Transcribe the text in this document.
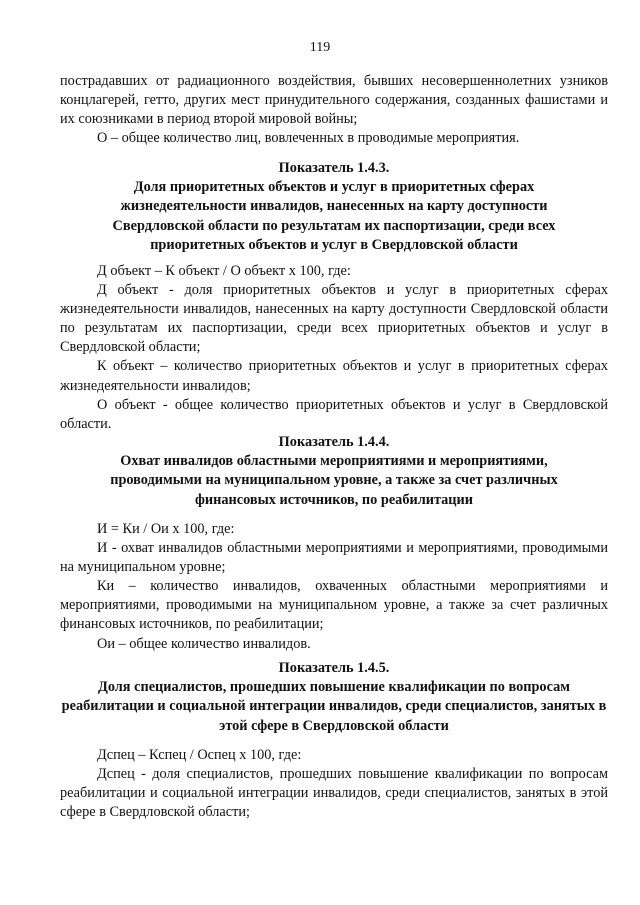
119
пострадавших от радиационного воздействия, бывших несовершеннолетних узников концлагерей, гетто, других мест принудительного содержания, созданных фашистами и их союзниками в период второй мировой войны;
О – общее количество лиц, вовлеченных в проводимые мероприятия.
Показатель 1.4.3.
Доля приоритетных объектов и услуг в приоритетных сферах жизнедеятельности инвалидов, нанесенных на карту доступности Свердловской области по результатам их паспортизации, среди всех приоритетных объектов и услуг в Свердловской области
Д объект – К объект / О объект х 100, где:
Д объект - доля приоритетных объектов и услуг в приоритетных сферах жизнедеятельности инвалидов, нанесенных на карту доступности Свердловской области по результатам их паспортизации, среди всех приоритетных объектов и услуг в Свердловской области;
К объект – количество приоритетных объектов и услуг в приоритетных сферах жизнедеятельности инвалидов;
О объект - общее количество приоритетных объектов и услуг в Свердловской области.
Показатель 1.4.4.
Охват инвалидов областными мероприятиями и мероприятиями, проводимыми на муниципальном уровне, а также за счет различных финансовых источников, по реабилитации
И = Ки / Ои х 100, где:
И - охват инвалидов областными мероприятиями и мероприятиями, проводимыми на муниципальном уровне;
Ки – количество инвалидов, охваченных областными мероприятиями и мероприятиями, проводимыми на муниципальном уровне, а также за счет различных финансовых источников, по реабилитации;
Ои – общее количество инвалидов.
Показатель 1.4.5.
Доля специалистов, прошедших повышение квалификации по вопросам реабилитации и социальной интеграции инвалидов, среди специалистов, занятых в этой сфере в Свердловской области
Дспец – Кспец / Оспец х 100, где:
Дспец - доля специалистов, прошедших повышение квалификации по вопросам реабилитации и социальной интеграции инвалидов, среди специалистов, занятых в этой сфере в Свердловской области;
